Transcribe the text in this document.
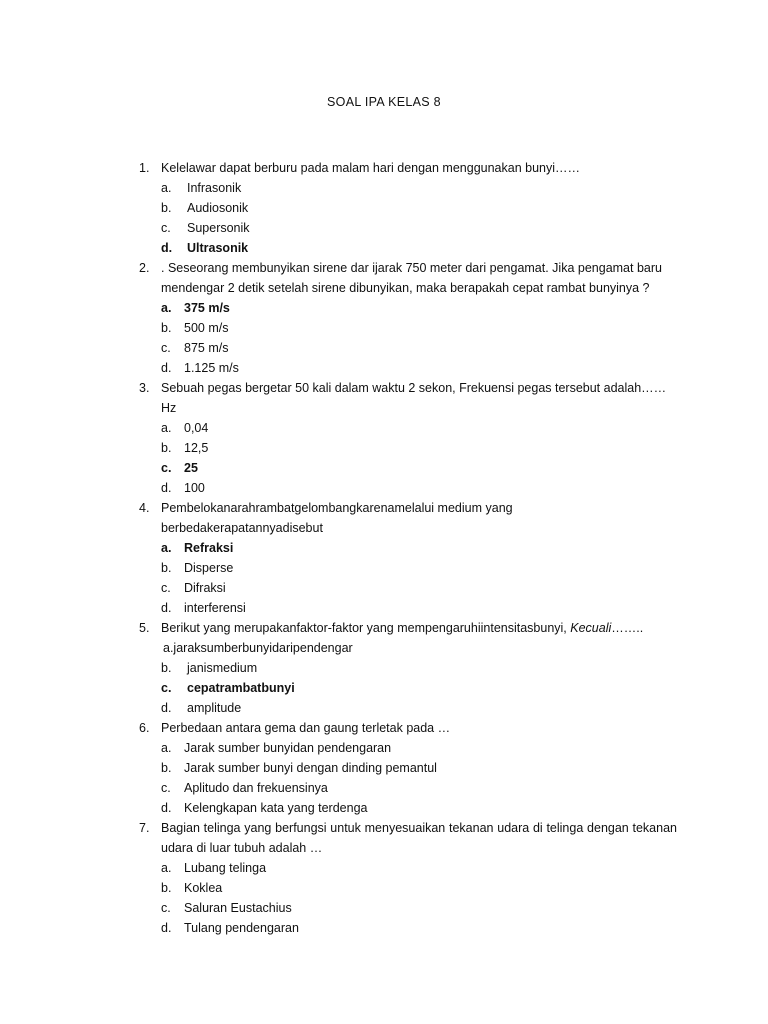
SOAL IPA KELAS 8
1. Kelelawar dapat berburu pada malam hari dengan menggunakan bunyi……
a. Infrasonik
b. Audiosonik
c. Supersonik
d. Ultrasonik
2. . Seseorang membunyikan sirene dar ijarak 750 meter dari pengamat. Jika pengamat baru mendengar 2 detik setelah sirene dibunyikan, maka berapakah cepat rambat bunyinya ?
a. 375 m/s
b. 500 m/s
c. 875 m/s
d. 1.125 m/s
3. Sebuah pegas bergetar 50 kali dalam waktu 2 sekon, Frekuensi pegas tersebut adalah……Hz
a. 0,04
b. 12,5
c. 25
d. 100
4. Pembelokanarahrambatgelombangkarenamelalui medium yang berbedakerapatannyadisebut
a. Refraksi
b. Disperse
c. Difraksi
d. interferensi
5. Berikut yang merupakanfaktor-faktor yang mempengaruhiintensitasbunyi, Kecuali……..
a.jaraksumberbunyidaripendengar
b. janismedium
c. cepatrambatbunyi
d. amplitude
6. Perbedaan antara gema dan gaung terletak pada …
a. Jarak sumber bunyidan pendengaran
b. Jarak sumber bunyi dengan dinding pemantul
c. Aplitudo dan frekuensinya
d. Kelengkapan kata yang terdenga
7. Bagian telinga yang berfungsi untuk menyesuaikan tekanan udara di telinga dengan tekanan udara di luar tubuh adalah …
a. Lubang telinga
b. Koklea
c. Saluran Eustachius
d. Tulang pendengaran
